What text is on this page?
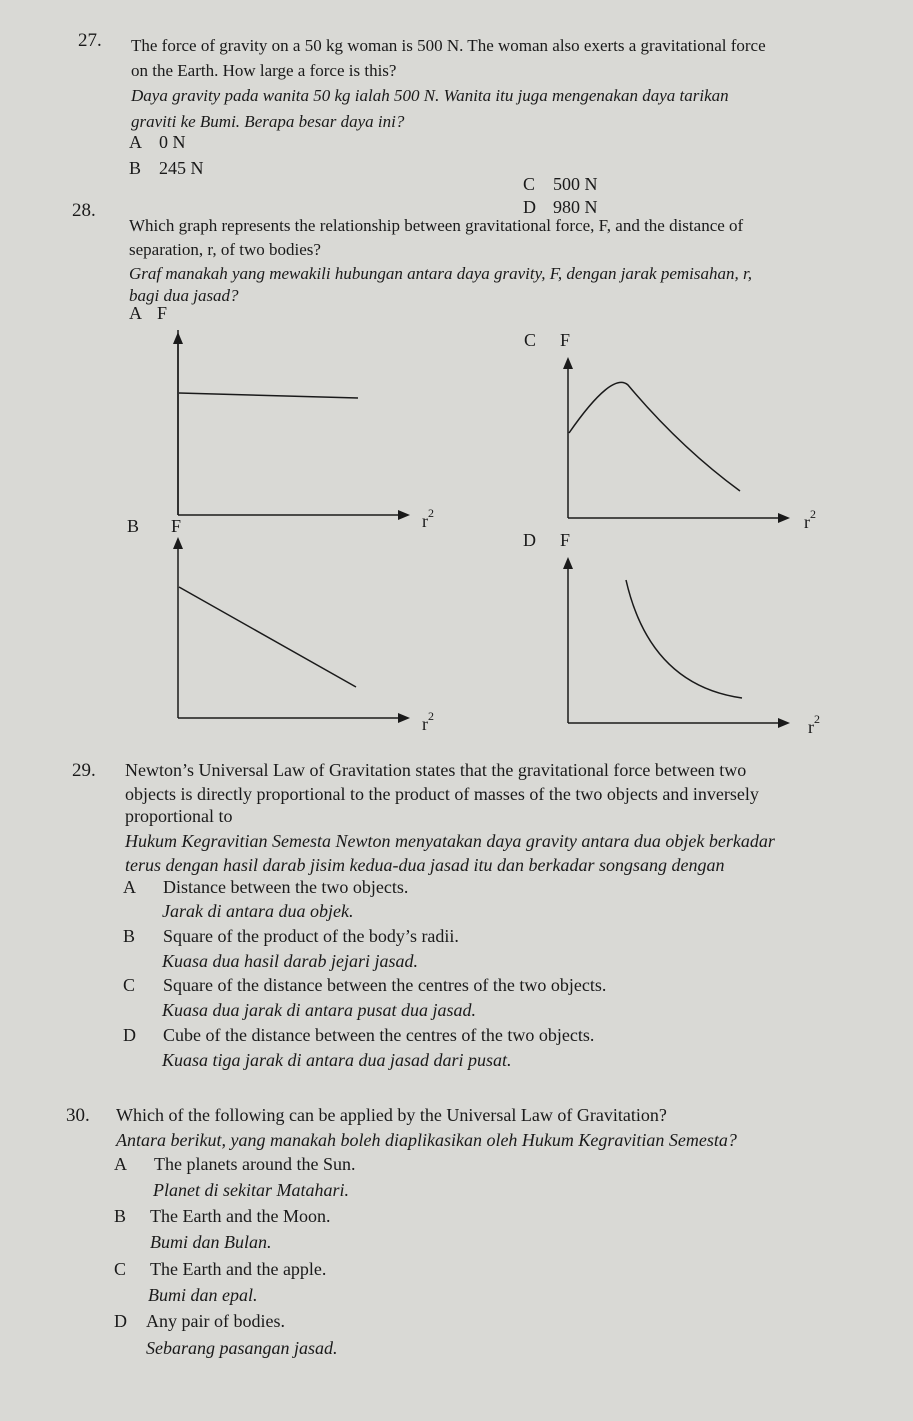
27. The force of gravity on a 50 kg woman is 500 N. The woman also exerts a gravitational force
on the Earth. How large a force is this?
Daya gravity pada wanita 50 kg ialah 500 N. Wanita itu juga mengenakan daya tarikan
graviti ke Bumi. Berapa besar daya ini?
A 0 N
B 245 N
C 500 N
D 980 N
28.
Which graph represents the relationship between gravitational force, F, and the distance of
separation, r, of two bodies?
Graf manakah yang mewakili hubungan antara daya gravity, F, dengan jarak pemisahan, r,
bagi dua jasad?
A F
$r^2$
B F
$r^2$
C F
$r^2$
D F
$r^2$
29. Newton’s Universal Law of Gravitation states that the gravitational force between two
objects is directly proportional to the product of masses of the two objects and inversely
proportional to
Hukum Kegravitian Semesta Newton menyatakan daya gravity antara dua objek berkadar
terus dengan hasil darab jisim kedua-dua jasad itu dan berkadar songsang dengan
A Distance between the two objects.
Jarak di antara dua objek.
B Square of the product of the body’s radii.
Kuasa dua hasil darab jejari jasad.
C Square of the distance between the centres of the two objects.
Kuasa dua jarak di antara pusat dua jasad.
D Cube of the distance between the centres of the two objects.
Kuasa tiga jarak di antara dua jasad dari pusat.
30. Which of the following can be applied by the Universal Law of Gravitation?
Antara berikut, yang manakah boleh diaplikasikan oleh Hukum Kegravitian Semesta?
A The planets around the Sun.
Planet di sekitar Matahari.
B The Earth and the Moon.
Bumi dan Bulan.
C The Earth and the apple.
Bumi dan epal.
D Any pair of bodies.
Sebarang pasangan jasad.
